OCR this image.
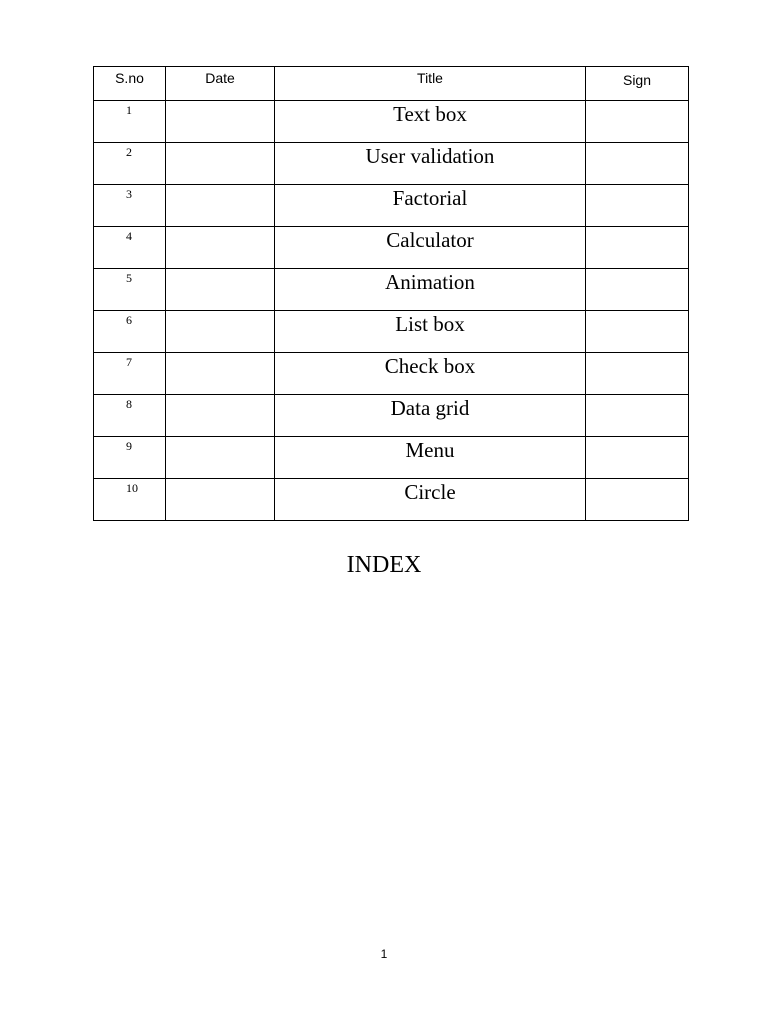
S.no	Date	Title	Sign
1		Text box	
2		User validation	
3		Factorial	
4		Calculator	
5		Animation	
6		List box	
7		Check box	
8		Data grid	
9		Menu	
10		Circle	
INDEX
1
